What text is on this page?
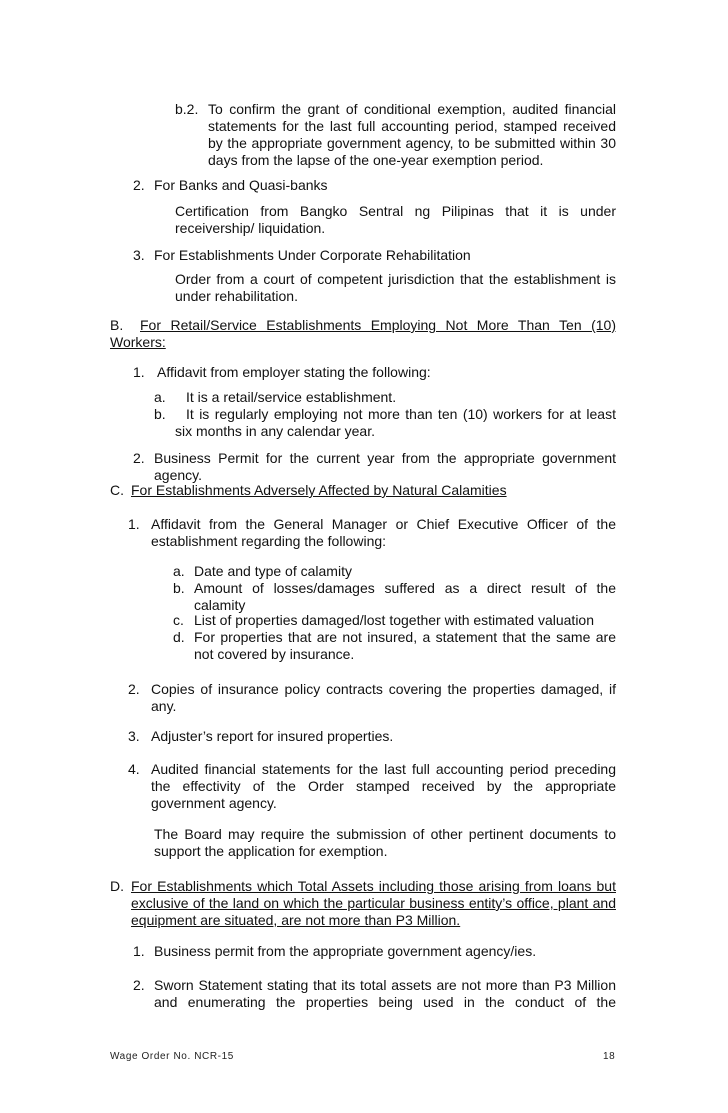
b.2. To confirm the grant of conditional exemption, audited financial statements for the last full accounting period, stamped received by the appropriate government agency, to be submitted within 30 days from the lapse of the one-year exemption period.
2. For Banks and Quasi-banks
Certification from Bangko Sentral ng Pilipinas that it is under receivership/ liquidation.
3. For Establishments Under Corporate Rehabilitation
Order from a court of competent jurisdiction that the establishment is under rehabilitation.
B. For Retail/Service Establishments Employing Not More Than Ten (10) Workers:
1. Affidavit from employer stating the following:
a. It is a retail/service establishment.
b. It is regularly employing not more than ten (10) workers for at least six months in any calendar year.
2. Business Permit for the current year from the appropriate government agency.
C. For Establishments Adversely Affected by Natural Calamities
1. Affidavit from the General Manager or Chief Executive Officer of the establishment regarding the following:
a. Date and type of calamity
b. Amount of losses/damages suffered as a direct result of the calamity
c. List of properties damaged/lost together with estimated valuation
d. For properties that are not insured, a statement that the same are not covered by insurance.
2. Copies of insurance policy contracts covering the properties damaged, if any.
3. Adjuster’s report for insured properties.
4. Audited financial statements for the last full accounting period preceding the effectivity of the Order stamped received by the appropriate government agency.
The Board may require the submission of other pertinent documents to support the application for exemption.
D. For Establishments which Total Assets including those arising from loans but exclusive of the land on which the particular business entity’s office, plant and equipment are situated, are not more than P3 Million.
1. Business permit from the appropriate government agency/ies.
2. Sworn Statement stating that its total assets are not more than P3 Million and enumerating the properties being used in the conduct of the
Wage Order No. NCR-15	18
